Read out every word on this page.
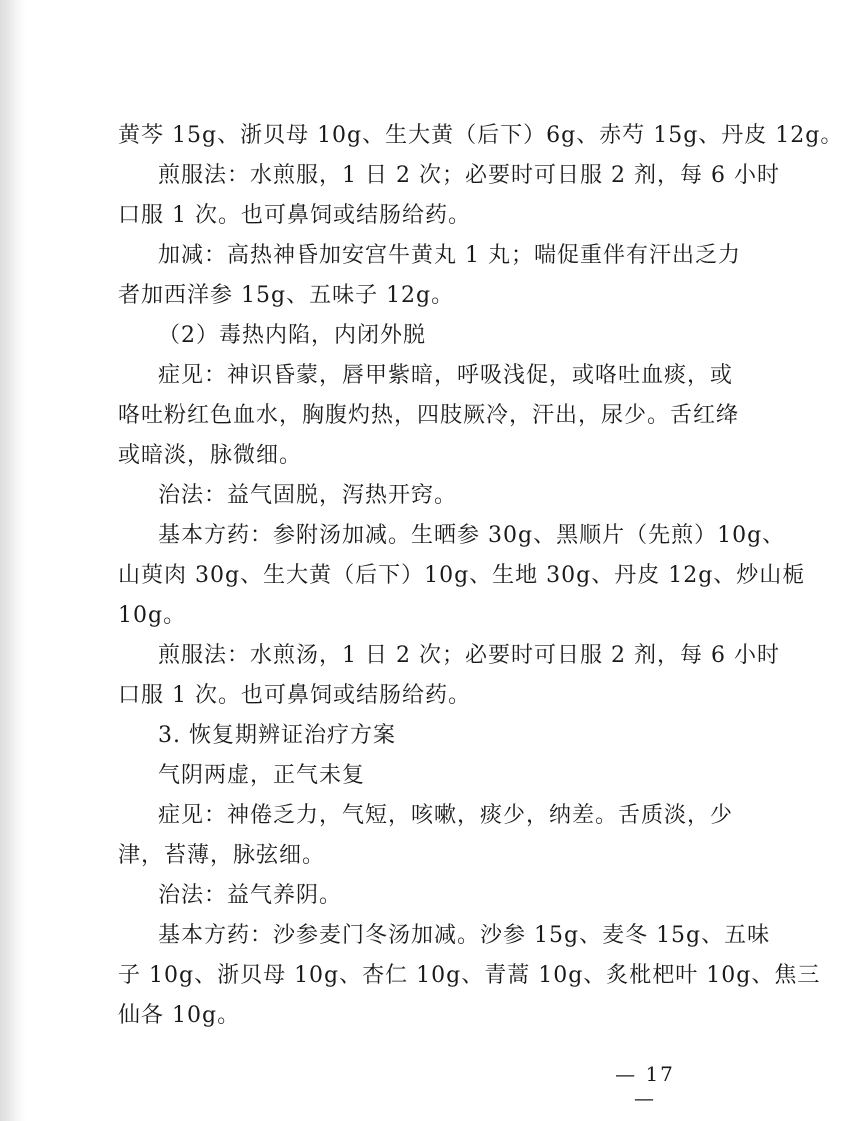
黄芩 15g、浙贝母 10g、生大黄（后下）6g、赤芍 15g、丹皮 12g。
煎服法：水煎服，1 日 2 次；必要时可日服 2 剂，每 6 小时
口服 1 次。也可鼻饲或结肠给药。
加减：高热神昏加安宫牛黄丸 1 丸；喘促重伴有汗出乏力
者加西洋参 15g、五味子 12g。
（2）毒热内陷，内闭外脱
症见：神识昏蒙，唇甲紫暗，呼吸浅促，或咯吐血痰，或
咯吐粉红色血水，胸腹灼热，四肢厥冷，汗出，尿少。舌红绛
或暗淡，脉微细。
治法：益气固脱，泻热开窍。
基本方药：参附汤加减。生晒参 30g、黑顺片（先煎）10g、
山萸肉 30g、生大黄（后下）10g、生地 30g、丹皮 12g、炒山栀
10g。
煎服法：水煎汤，1 日 2 次；必要时可日服 2 剂，每 6 小时
口服 1 次。也可鼻饲或结肠给药。
3. 恢复期辨证治疗方案
气阴两虚，正气未复
症见：神倦乏力，气短，咳嗽，痰少，纳差。舌质淡，少
津，苔薄，脉弦细。
治法：益气养阴。
基本方药：沙参麦门冬汤加减。沙参 15g、麦冬 15g、五味
子 10g、浙贝母 10g、杏仁 10g、青蒿 10g、炙枇杷叶 10g、焦三
仙各 10g。
— 17 —
